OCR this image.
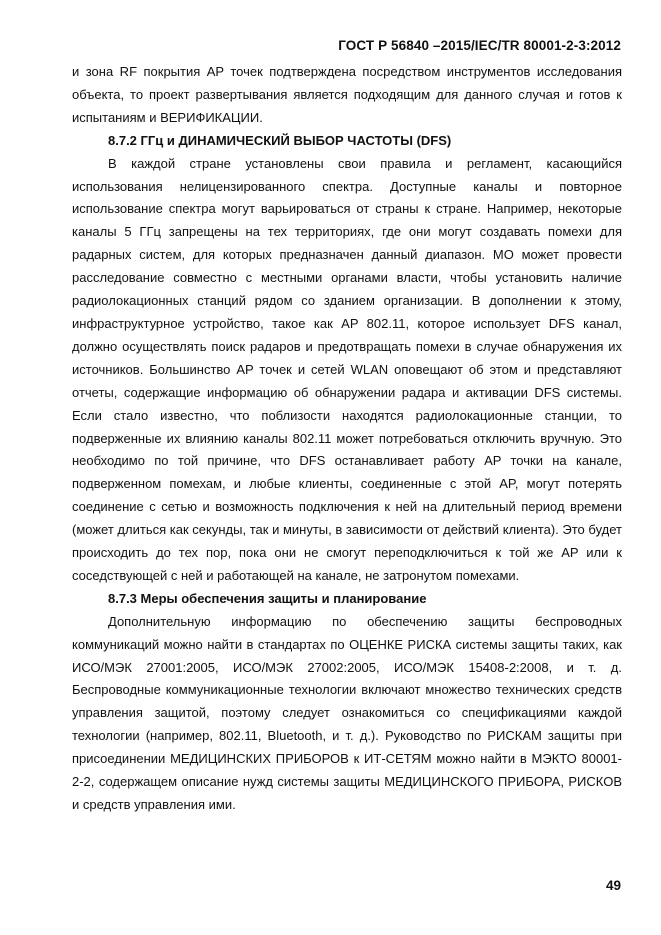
ГОСТ Р 56840 –2015/IEC/TR 80001-2-3:2012

и зона RF покрытия AP точек подтверждена посредством инструментов исследования объекта, то проект развертывания является подходящим для данного случая и готов к испытаниям и ВЕРИФИКАЦИИ.

8.7.2 ГГц и ДИНАМИЧЕСКИЙ ВЫБОР ЧАСТОТЫ (DFS)

В каждой стране установлены свои правила и регламент, касающийся использования нелицензированного спектра. Доступные каналы и повторное использование спектра могут варьироваться от страны к стране. Например, некоторые каналы 5 ГГц запрещены на тех территориях, где они могут создавать помехи для радарных систем, для которых предназначен данный диапазон. МО может провести расследование совместно с местными органами власти, чтобы установить наличие радиолокационных станций рядом со зданием организации. В дополнении к этому, инфраструктурное устройство, такое как AP 802.11, которое использует DFS канал, должно осуществлять поиск радаров и предотвращать помехи в случае обнаружения их источников. Большинство AP точек и сетей WLAN оповещают об этом и представляют отчеты, содержащие информацию об обнаружении радара и активации DFS системы. Если стало известно, что поблизости находятся радиолокационные станции, то подверженные их влиянию каналы 802.11 может потребоваться отключить вручную. Это необходимо по той причине, что DFS останавливает работу AP точки на канале, подверженном помехам, и любые клиенты, соединенные с этой AP, могут потерять соединение с сетью и возможность подключения к ней на длительный период времени (может длиться как секунды, так и минуты, в зависимости от действий клиента). Это будет происходить до тех пор, пока они не смогут переподключиться к той же AP или к соседствующей с ней и работающей на канале, не затронутом помехами.

8.7.3 Меры обеспечения защиты и планирование

Дополнительную информацию по обеспечению защиты беспроводных коммуникаций можно найти в стандартах по ОЦЕНКЕ РИСКА системы защиты таких, как ИСО/МЭК 27001:2005, ИСО/МЭК 27002:2005, ИСО/МЭК 15408-2:2008, и т. д. Беспроводные коммуникационные технологии включают множество технических средств управления защитой, поэтому следует ознакомиться со спецификациями каждой технологии (например, 802.11, Bluetooth, и т. д.). Руководство по РИСКАМ защиты при присоединении МЕДИЦИНСКИХ ПРИБОРОВ к ИТ-СЕТЯМ можно найти в МЭКТО 80001-2-2, содержащем описание нужд системы защиты МЕДИЦИНСКОГО ПРИБОРА, РИСКОВ и средств управления ими.

49
